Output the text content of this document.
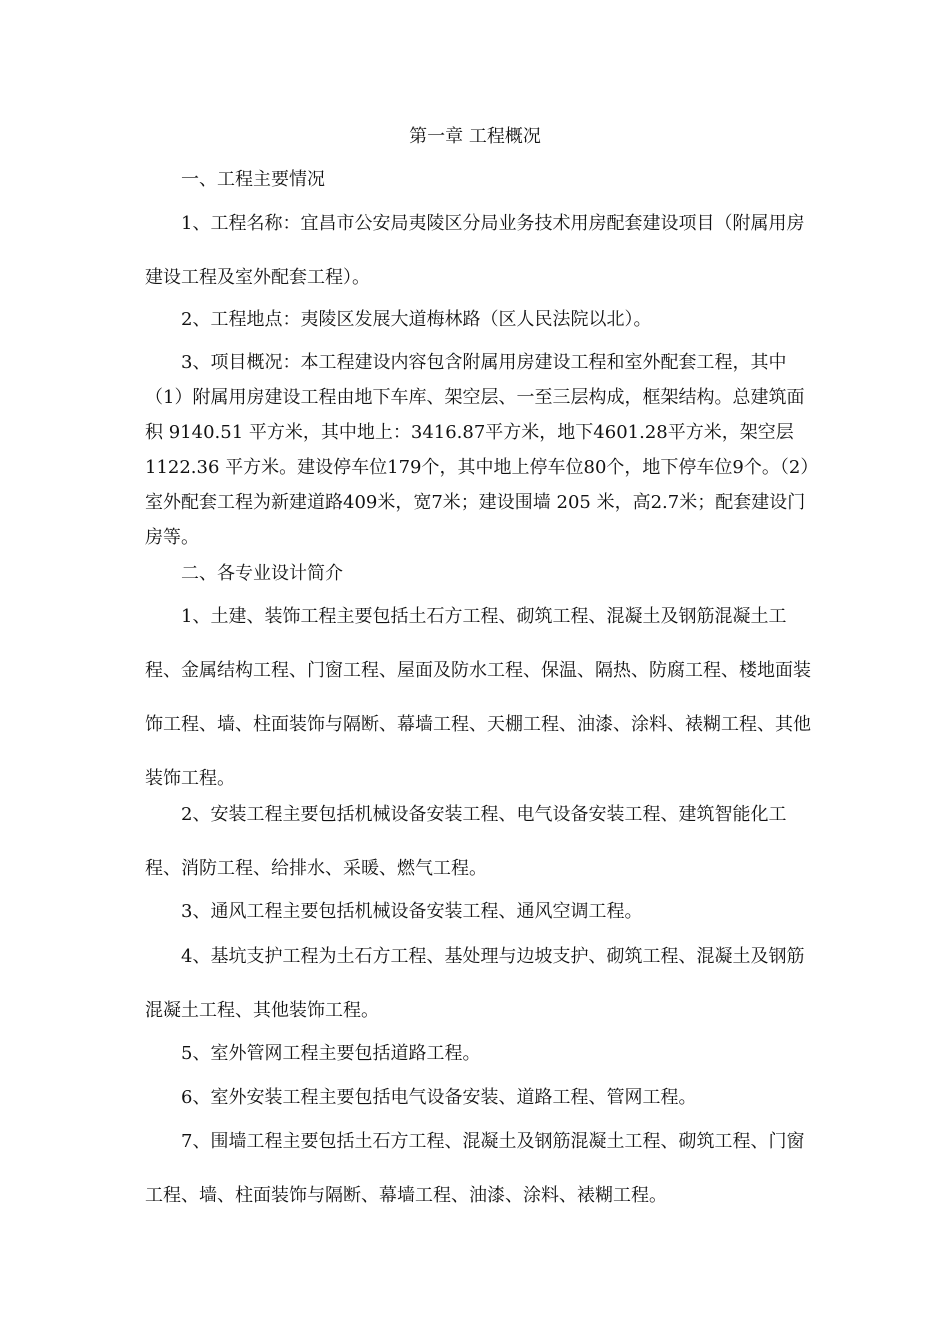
第一章 工程概况

一、工程主要情况

1、工程名称：宜昌市公安局夷陵区分局业务技术用房配套建设项目（附属用房建设工程及室外配套工程）。

2、工程地点：夷陵区发展大道梅林路（区人民法院以北）。

3、项目概况：本工程建设内容包含附属用房建设工程和室外配套工程，其中（1）附属用房建设工程由地下车库、架空层、一至三层构成，框架结构。总建筑面积 9140.51 平方米，其中地上：3416.87平方米，地下4601.28平方米，架空层1122.36 平方米。建设停车位179个，其中地上停车位80个，地下停车位9个。（2）室外配套工程为新建道路409米，宽7米；建设围墙 205 米，高2.7米；配套建设门房等。

二、各专业设计简介

1、土建、装饰工程主要包括土石方工程、砌筑工程、混凝土及钢筋混凝土工程、金属结构工程、门窗工程、屋面及防水工程、保温、隔热、防腐工程、楼地面装饰工程、墙、柱面装饰与隔断、幕墙工程、天棚工程、油漆、涂料、裱糊工程、其他装饰工程。

2、安装工程主要包括机械设备安装工程、电气设备安装工程、建筑智能化工程、消防工程、给排水、采暖、燃气工程。

3、通风工程主要包括机械设备安装工程、通风空调工程。

4、基坑支护工程为土石方工程、基处理与边坡支护、砌筑工程、混凝土及钢筋混凝土工程、其他装饰工程。

5、室外管网工程主要包括道路工程。

6、室外安装工程主要包括电气设备安装、道路工程、管网工程。

7、围墙工程主要包括土石方工程、混凝土及钢筋混凝土工程、砌筑工程、门窗工程、墙、柱面装饰与隔断、幕墙工程、油漆、涂料、裱糊工程。
